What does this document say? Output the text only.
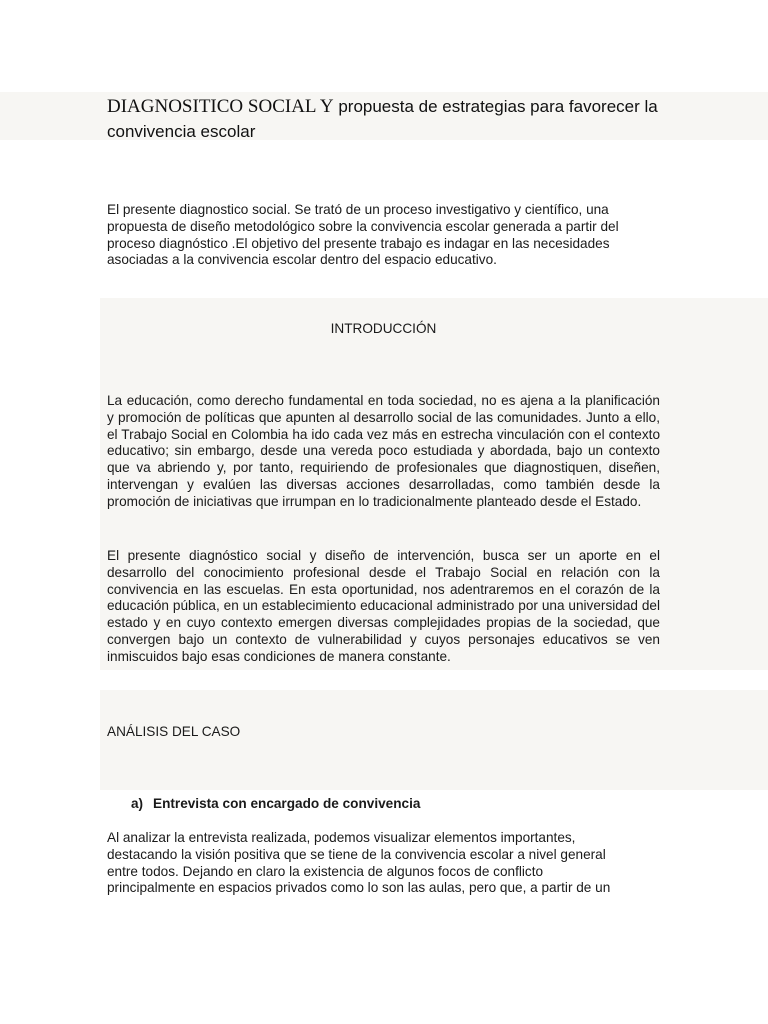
DIAGNOSITICO SOCIAL Y propuesta de estrategias para favorecer la convivencia escolar

El presente diagnostico social. Se trató de un proceso investigativo y científico, una propuesta de diseño metodológico sobre la convivencia escolar generada a partir del proceso diagnóstico .El objetivo del presente trabajo es indagar en las necesidades asociadas a la convivencia escolar dentro del espacio educativo.

INTRODUCCIÓN

La educación, como derecho fundamental en toda sociedad, no es ajena a la planificación y promoción de políticas que apunten al desarrollo social de las comunidades. Junto a ello, el Trabajo Social en Colombia ha ido cada vez más en estrecha vinculación con el contexto educativo; sin embargo, desde una vereda poco estudiada y abordada, bajo un contexto que va abriendo y, por tanto, requiriendo de profesionales que diagnostiquen, diseñen, intervengan y evalúen las diversas acciones desarrolladas, como también desde la promoción de iniciativas que irrumpan en lo tradicionalmente planteado desde el Estado.

El presente diagnóstico social y diseño de intervención, busca ser un aporte en el desarrollo del conocimiento profesional desde el Trabajo Social en relación con la convivencia en las escuelas. En esta oportunidad, nos adentraremos en el corazón de la educación pública, en un establecimiento educacional administrado por una universidad del estado y en cuyo contexto emergen diversas complejidades propias de la sociedad, que convergen bajo un contexto de vulnerabilidad y cuyos personajes educativos se ven inmiscuidos bajo esas condiciones de manera constante.

ANÁLISIS DEL CASO
a) Entrevista con encargado de convivencia

Al analizar la entrevista realizada, podemos visualizar elementos importantes,

destacando la visión positiva que se tiene de la convivencia escolar a nivel general

entre todos. Dejando en claro la existencia de algunos focos de conflicto

principalmente en espacios privados como lo son las aulas, pero que, a partir de un
